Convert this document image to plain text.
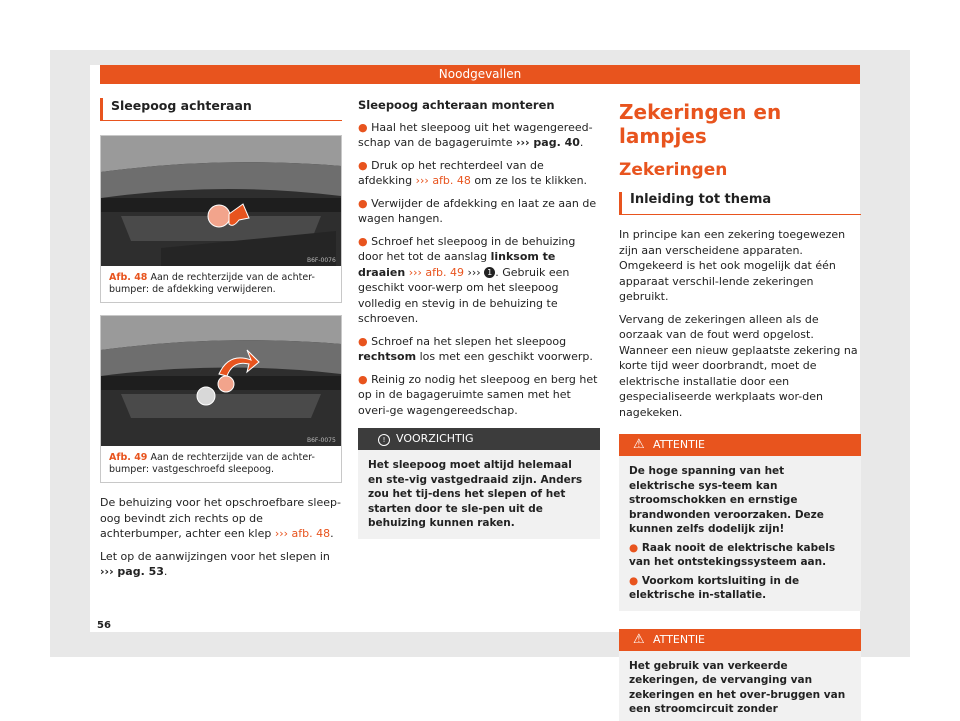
Noodgevallen
Sleepoog achteraan
B6F-0076
Afb. 48 Aan de rechterzijde van de achter-bumper: de afdekking verwijderen.
B6F-0075
Afb. 49 Aan de rechterzijde van de achter-bumper: vastgeschroefd sleepoog.

De behuizing voor het opschroefbare sleep-oog bevindt zich rechts op de achterbumper, achter een klep ››› afb. 48.

Let op de aanwijzingen voor het slepen in ››› pag. 53.

Sleepoog achteraan monteren

● Haal het sleepoog uit het wagengereed-schap van de bagageruimte ››› pag. 40.

● Druk op het rechterdeel van de afdekking ››› afb. 48 om ze los te klikken.

● Verwijder de afdekking en laat ze aan de wagen hangen.

● Schroef het sleepoog in de behuizing door het tot de aanslag linksom te draaien ››› afb. 49 ››› 1 . Gebruik een geschikt voor-werp om het sleepoog volledig en stevig in de behuizing te schroeven.

● Schroef na het slepen het sleepoog rechtsom los met een geschikt voorwerp.

● Reinig zo nodig het sleepoog en berg het op in de bagageruimte samen met het overi-ge wagengereedschap.

! VOORZICHTIG
Het sleepoog moet altijd helemaal en ste-vig vastgedraaid zijn. Anders zou het tij-dens het slepen of het starten door te sle-pen uit de behuizing kunnen raken.
Zekeringen en lampjes
Zekeringen
Inleiding tot thema

In principe kan een zekering toegewezen zijn aan verscheidene apparaten. Omgekeerd is het ook mogelijk dat één apparaat verschil-lende zekeringen gebruikt.

Vervang de zekeringen alleen als de oorzaak van de fout werd opgelost. Wanneer een nieuw geplaatste zekering na korte tijd weer doorbrandt, moet de elektrische installatie door een gespecialiseerde werkplaats wor-den nagekeken.

⚠ ATTENTIE
De hoge spanning van het elektrische sys-teem kan stroomschokken en ernstige brandwonden veroorzaken. Deze kunnen zelfs dodelijk zijn!
● Raak nooit de elektrische kabels van het ontstekingssysteem aan.
● Voorkom kortsluiting in de elektrische in-stallatie.
⚠ ATTENTIE
Het gebruik van verkeerde zekeringen, de vervanging van zekeringen en het over-bruggen van een stroomcircuit zonder
56
